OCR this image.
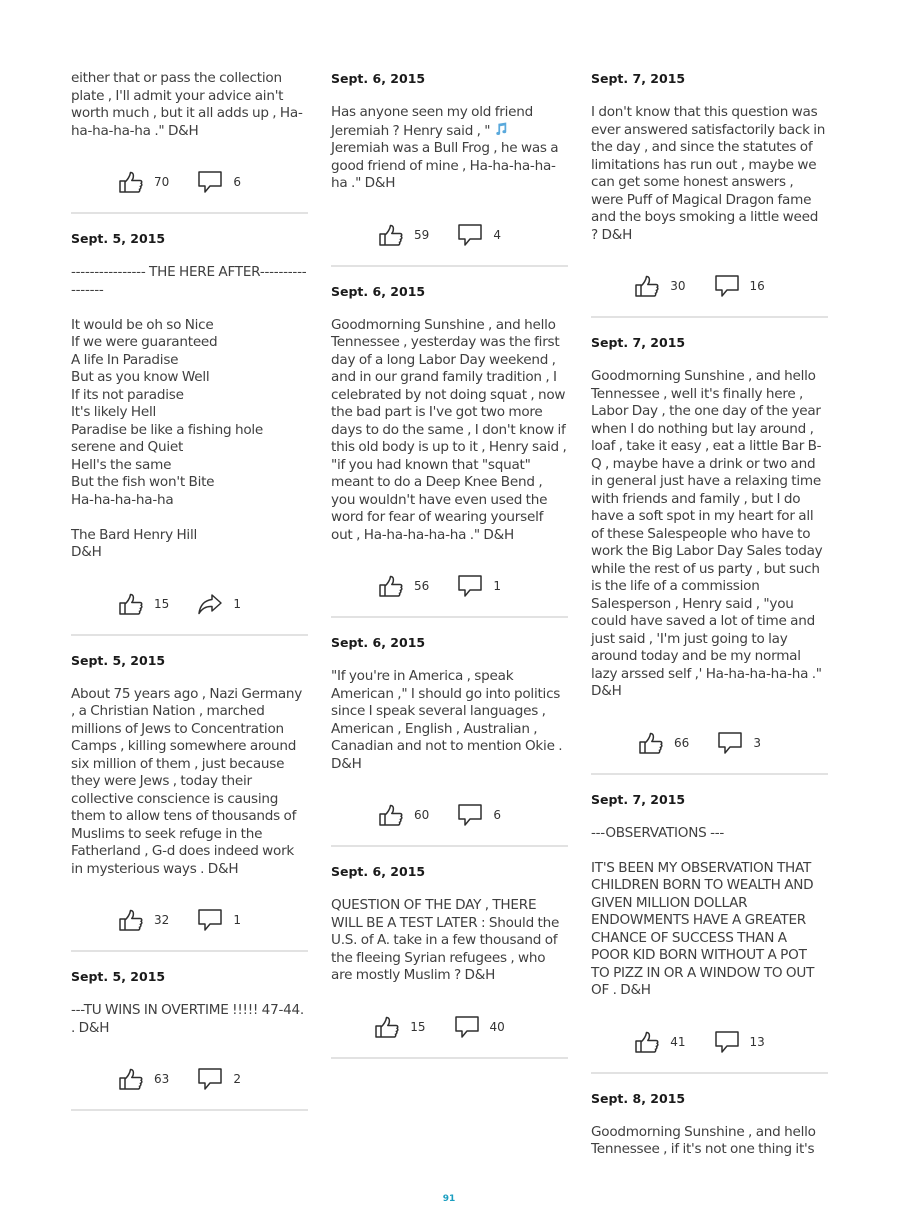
either that or pass the collection plate , I'll admit your advice ain't worth much , but it all adds up , Ha-ha-ha-ha-ha ." D&H

70	6
Sept. 5, 2015

---------------- THE HERE AFTER-----------------

It would be oh so Nice
If we were guaranteed
A life In Paradise
But as you know Well
If its not paradise
It's likely Hell
Paradise be like a fishing hole
serene and Quiet
Hell's the same
But the fish won't Bite
Ha-ha-ha-ha-ha

The Bard Henry Hill
D&H

15	1
Sept. 5, 2015

About 75 years ago , Nazi Germany , a Christian Nation , marched millions of Jews to Concentration Camps , killing somewhere around six million of them , just because they were Jews , today their collective conscience is causing them to allow tens of thousands of Muslims to seek refuge in the Fatherland , G-d does indeed work in mysterious ways . D&H

32	1
Sept. 5, 2015

---TU WINS IN OVERTIME !!!!! 47-44. . D&H

63	2
Sept. 6, 2015

Has anyone seen my old friend Jeremiah ? Henry said , "  Jeremiah was a Bull Frog , he was a good friend of mine , Ha-ha-ha-ha-ha ." D&H

59	4
Sept. 6, 2015

Goodmorning Sunshine , and hello Tennessee , yesterday was the first day of a long Labor Day weekend , and in our grand family tradition , I celebrated by not doing squat , now the bad part is I've got two more days to do the same , I don't know if this old body is up to it , Henry said , "if you had known that "squat" meant to do a Deep Knee Bend , you wouldn't have even used the word for fear of wearing yourself out , Ha-ha-ha-ha-ha ." D&H

56	1
Sept. 6, 2015

"If you're in America , speak American ," I should go into politics since I speak several languages , American , English , Australian , Canadian and not to mention Okie . D&H

60	6
Sept. 6, 2015

QUESTION OF THE DAY , THERE WILL BE A TEST LATER : Should the U.S. of A. take in a few thousand of the fleeing Syrian refugees , who are mostly Muslim ? D&H

15	40
Sept. 7, 2015

I don't know that this question was ever answered satisfactorily back in the day , and since the statutes of limitations has run out , maybe we can get some honest answers , were Puff of Magical Dragon fame and the boys smoking a little weed ? D&H

30	16
Sept. 7, 2015

Goodmorning Sunshine , and hello Tennessee , well it's finally here , Labor Day , the one day of the year when I do nothing but lay around , loaf , take it easy , eat a little Bar B-Q , maybe have a drink or two and in general just have a relaxing time with friends and family , but I do have a soft spot in my heart for all of these Salespeople who have to work the Big Labor Day Sales today while the rest of us party , but such is the life of a commission Salesperson , Henry said , "you could have saved a lot of time and just said , 'I'm just going to lay around today and be my normal lazy arssed self ,' Ha-ha-ha-ha-ha ." D&H

66	3
Sept. 7, 2015

---OBSERVATIONS ---

IT'S BEEN MY OBSERVATION THAT CHILDREN BORN TO WEALTH AND GIVEN MILLION DOLLAR ENDOWMENTS HAVE A GREATER CHANCE OF SUCCESS THAN A POOR KID BORN WITHOUT A POT TO PIZZ IN OR A WINDOW TO OUT OF . D&H

41	13
Sept. 8, 2015

Goodmorning Sunshine , and hello Tennessee , if it's not one thing it's

91
